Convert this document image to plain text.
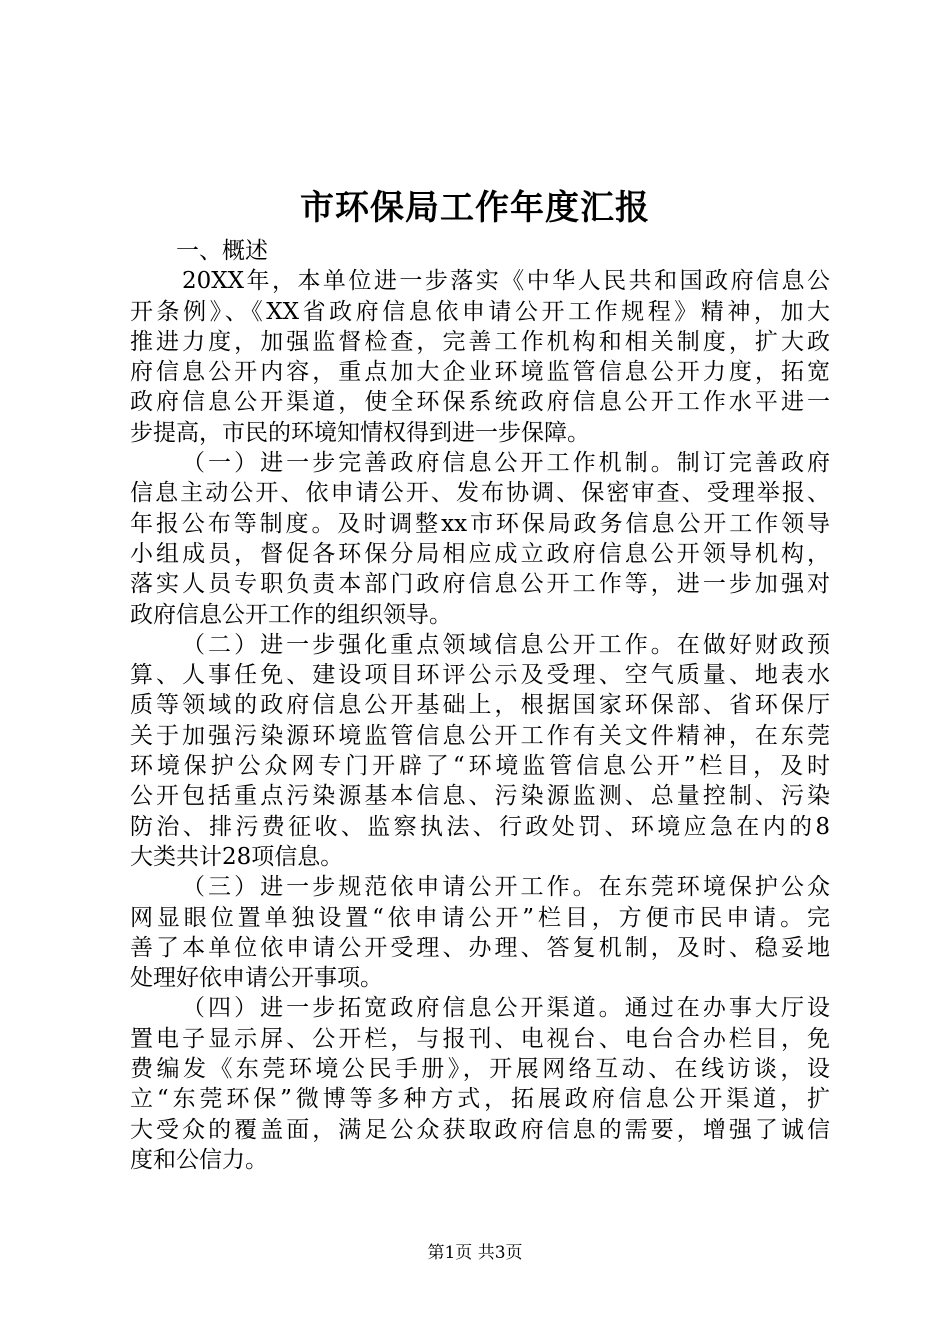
市环保局工作年度汇报
一、概述
20XX年，本单位进一步落实《中华人民共和国政府信息公
开条例》、《XX省政府信息依申请公开工作规程》精神，加大
推进力度，加强监督检查，完善工作机构和相关制度，扩大政
府信息公开内容，重点加大企业环境监管信息公开力度，拓宽
政府信息公开渠道，使全环保系统政府信息公开工作水平进一
步提高，市民的环境知情权得到进一步保障。
（一）进一步完善政府信息公开工作机制。制订完善政府
信息主动公开、依申请公开、发布协调、保密审查、受理举报、
年报公布等制度。及时调整xx市环保局政务信息公开工作领导
小组成员，督促各环保分局相应成立政府信息公开领导机构，
落实人员专职负责本部门政府信息公开工作等，进一步加强对
政府信息公开工作的组织领导。
（二）进一步强化重点领域信息公开工作。在做好财政预
算、人事任免、建设项目环评公示及受理、空气质量、地表水
质等领域的政府信息公开基础上，根据国家环保部、省环保厅
关于加强污染源环境监管信息公开工作有关文件精神，在东莞
环境保护公众网专门开辟了“环境监管信息公开”栏目，及时
公开包括重点污染源基本信息、污染源监测、总量控制、污染
防治、排污费征收、监察执法、行政处罚、环境应急在内的8
大类共计28项信息。
（三）进一步规范依申请公开工作。在东莞环境保护公众
网显眼位置单独设置“依申请公开”栏目，方便市民申请。完
善了本单位依申请公开受理、办理、答复机制，及时、稳妥地
处理好依申请公开事项。
（四）进一步拓宽政府信息公开渠道。通过在办事大厅设
置电子显示屏、公开栏，与报刊、电视台、电台合办栏目，免
费编发《东莞环境公民手册》，开展网络互动、在线访谈，设
立“东莞环保”微博等多种方式，拓展政府信息公开渠道，扩
大受众的覆盖面，满足公众获取政府信息的需要，增强了诚信
度和公信力。
第1页 共3页
